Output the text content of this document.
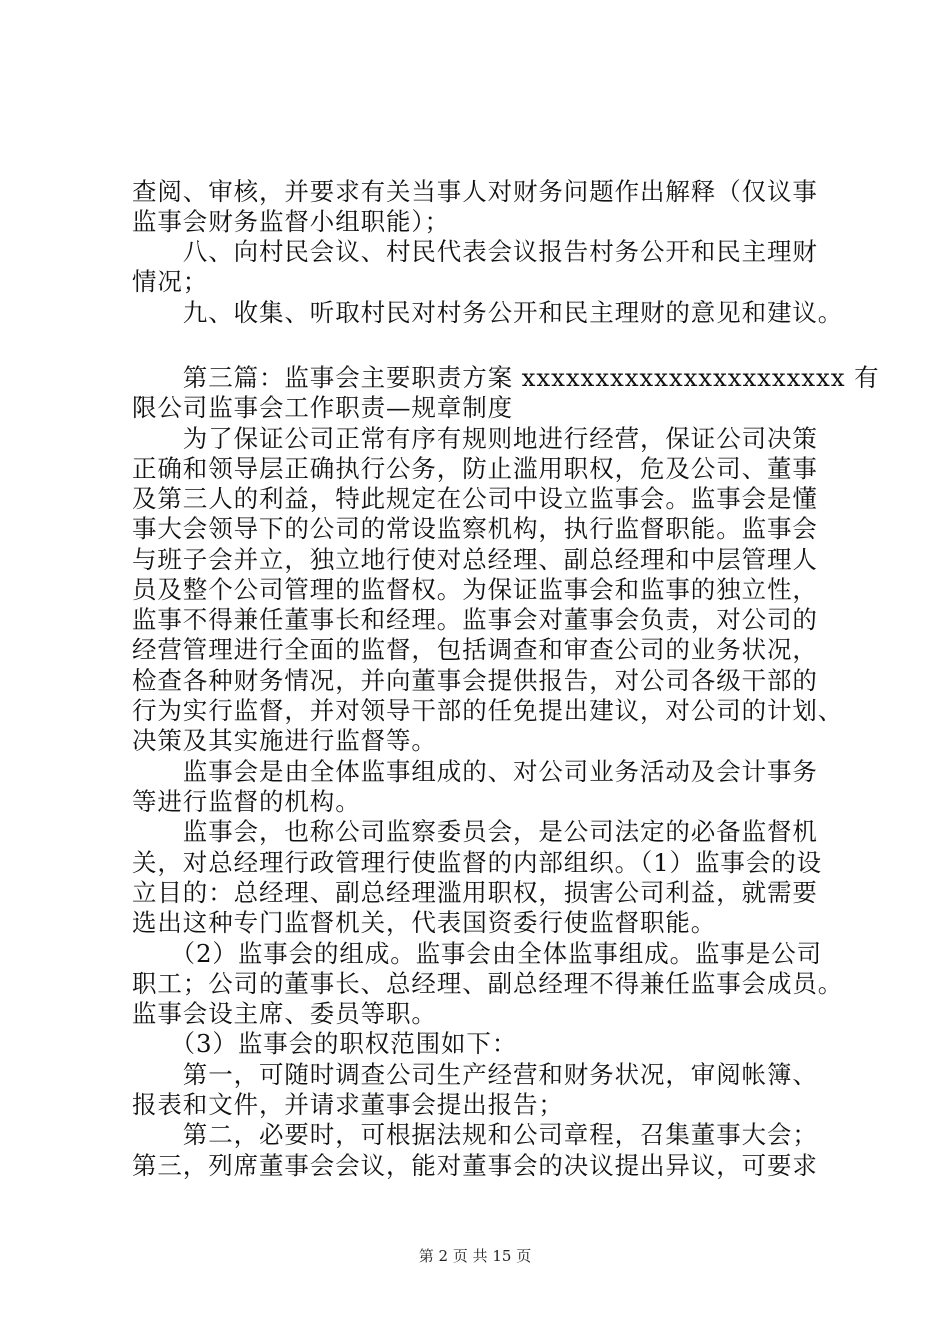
查阅、审核，并要求有关当事人对财务问题作出解释（仅议事
监事会财务监督小组职能）；
　　八、向村民会议、村民代表会议报告村务公开和民主理财
情况；
　　九、收集、听取村民对村务公开和民主理财的意见和建议。
　　第三篇：监事会主要职责方案 xxxxxxxxxxxxxxxxxxxxxx 有
限公司监事会工作职责—规章制度
　　为了保证公司正常有序有规则地进行经营，保证公司决策
正确和领导层正确执行公务，防止滥用职权，危及公司、董事
及第三人的利益，特此规定在公司中设立监事会。监事会是懂
事大会领导下的公司的常设监察机构，执行监督职能。监事会
与班子会并立，独立地行使对总经理、副总经理和中层管理人
员及整个公司管理的监督权。为保证监事会和监事的独立性，
监事不得兼任董事长和经理。监事会对董事会负责，对公司的
经营管理进行全面的监督，包括调查和审查公司的业务状况，
检查各种财务情况，并向董事会提供报告，对公司各级干部的
行为实行监督，并对领导干部的任免提出建议，对公司的计划、
决策及其实施进行监督等。
　　监事会是由全体监事组成的、对公司业务活动及会计事务
等进行监督的机构。
　　监事会，也称公司监察委员会，是公司法定的必备监督机
关，对总经理行政管理行使监督的内部组织。（1）监事会的设
立目的：总经理、副总经理滥用职权，损害公司利益，就需要
选出这种专门监督机关，代表国资委行使监督职能。
　　（2）监事会的组成。监事会由全体监事组成。监事是公司
职工；公司的董事长、总经理、副总经理不得兼任监事会成员。
监事会设主席、委员等职。
　　（3）监事会的职权范围如下：
　　第一，可随时调查公司生产经营和财务状况，审阅帐簿、
报表和文件，并请求董事会提出报告；
　　第二，必要时，可根据法规和公司章程，召集董事大会；
第三，列席董事会会议，能对董事会的决议提出异议，可要求
第 2 页 共 15 页
